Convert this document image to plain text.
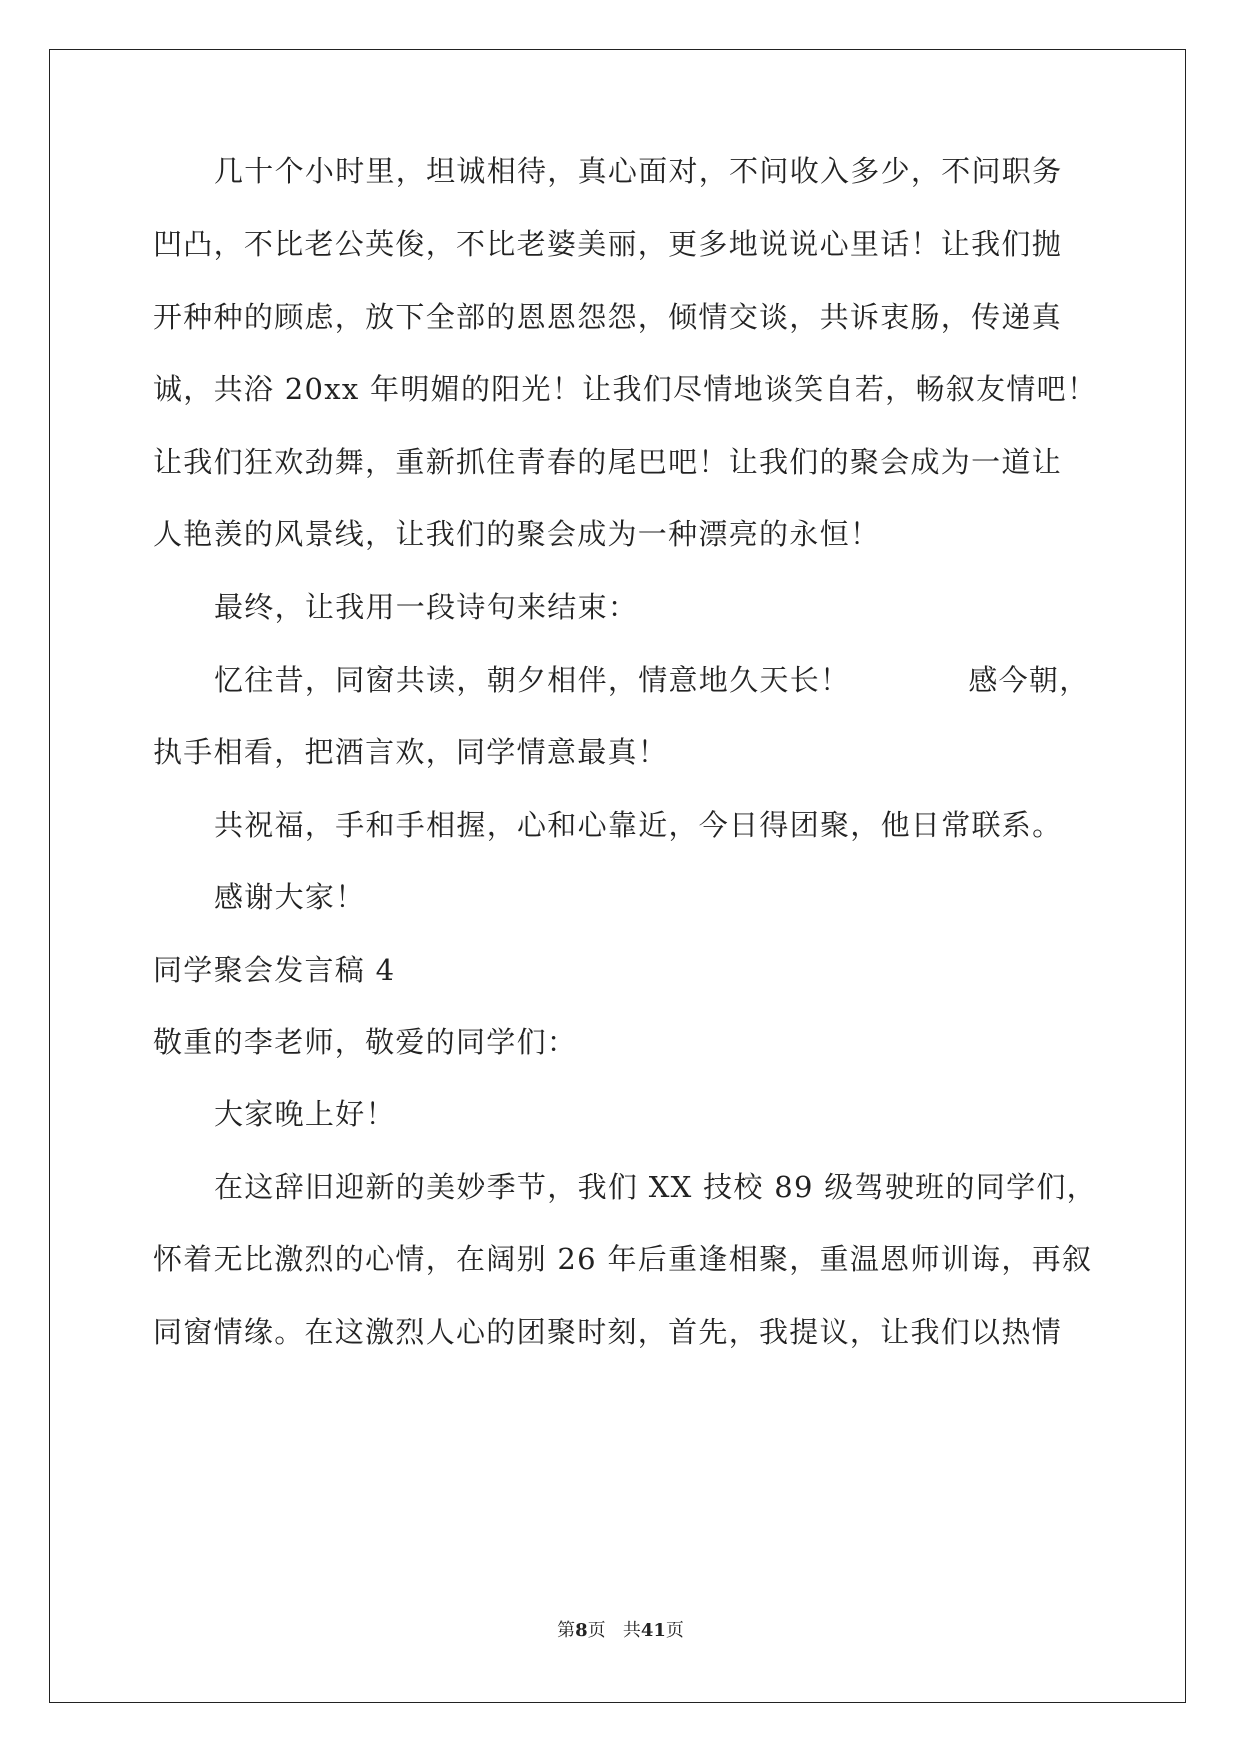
几十个小时里，坦诚相待，真心面对，不问收入多少，不问职务

凹凸，不比老公英俊，不比老婆美丽，更多地说说心里话！让我们抛

开种种的顾虑，放下全部的恩恩怨怨，倾情交谈，共诉衷肠，传递真

诚，共浴 20xx 年明媚的阳光！让我们尽情地谈笑自若，畅叙友情吧！

让我们狂欢劲舞，重新抓住青春的尾巴吧！让我们的聚会成为一道让

人艳羡的风景线，让我们的聚会成为一种漂亮的永恒！

最终，让我用一段诗句来结束：

忆往昔，同窗共读，朝夕相伴，情意地久天长！	感今朝，

执手相看，把酒言欢，同学情意最真！

共祝福，手和手相握，心和心靠近，今日得团聚，他日常联系。

感谢大家！

同学聚会发言稿 4

敬重的李老师，敬爱的同学们：

大家晚上好！

在这辞旧迎新的美妙季节，我们 XX 技校 89 级驾驶班的同学们，

怀着无比激烈的心情，在阔别 26 年后重逢相聚，重温恩师训诲，再叙

同窗情缘。在这激烈人心的团聚时刻，首先，我提议，让我们以热情

第8页 共41页
